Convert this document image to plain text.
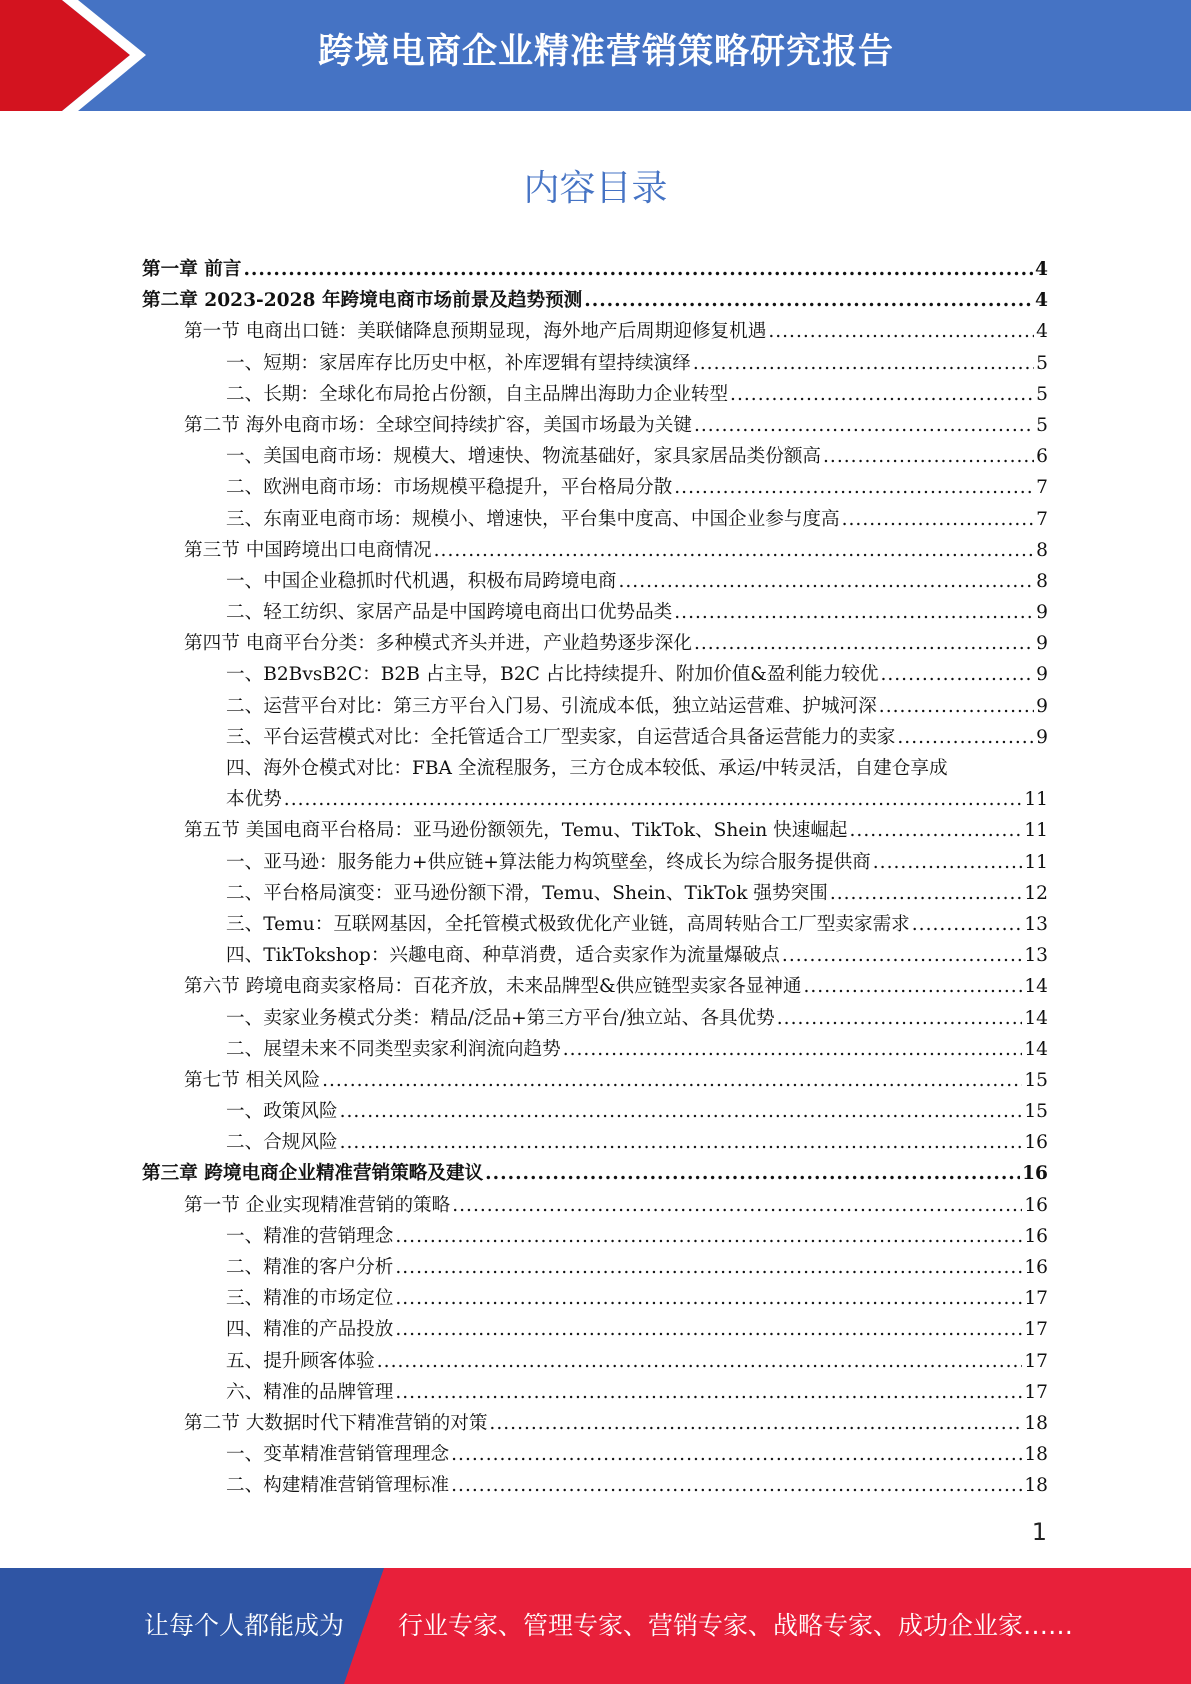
跨境电商企业精准营销策略研究报告
内容目录
第一章 前言 .....	4
第二章 2023-2028 年跨境电商市场前景及趋势预测 .....	4
第一节 电商出口链：美联储降息预期显现，海外地产后周期迎修复机遇 .....	4
一、短期：家居库存比历史中枢，补库逻辑有望持续演绎 .....	5
二、长期：全球化布局抢占份额，自主品牌出海助力企业转型 .....	5
第二节 海外电商市场：全球空间持续扩容，美国市场最为关键 .....	5
一、美国电商市场：规模大、增速快、物流基础好，家具家居品类份额高 .....	6
二、欧洲电商市场：市场规模平稳提升，平台格局分散 .....	7
三、东南亚电商市场：规模小、增速快，平台集中度高、中国企业参与度高 .....	7
第三节 中国跨境出口电商情况 .....	8
一、中国企业稳抓时代机遇，积极布局跨境电商 .....	8
二、轻工纺织、家居产品是中国跨境电商出口优势品类 .....	9
第四节 电商平台分类：多种模式齐头并进，产业趋势逐步深化 .....	9
一、B2BvsB2C：B2B 占主导，B2C 占比持续提升、附加价值&盈利能力较优 .....	9
二、运营平台对比：第三方平台入门易、引流成本低，独立站运营难、护城河深 .....	9
三、平台运营模式对比：全托管适合工厂型卖家，自运营适合具备运营能力的卖家 .....	9
四、海外仓模式对比：FBA 全流程服务，三方仓成本较低、承运/中转灵活，自建仓享成
本优势 .....	11
第五节 美国电商平台格局：亚马逊份额领先，Temu、TikTok、Shein 快速崛起 .....	11
一、亚马逊：服务能力+供应链+算法能力构筑壁垒，终成长为综合服务提供商 .....	11
二、平台格局演变：亚马逊份额下滑，Temu、Shein、TikTok 强势突围 .....	12
三、Temu：互联网基因，全托管模式极致优化产业链，高周转贴合工厂型卖家需求 .....	13
四、TikTokshop：兴趣电商、种草消费，适合卖家作为流量爆破点 .....	13
第六节 跨境电商卖家格局：百花齐放，未来品牌型&供应链型卖家各显神通 .....	14
一、卖家业务模式分类：精品/泛品+第三方平台/独立站、各具优势 .....	14
二、展望未来不同类型卖家利润流向趋势 .....	14
第七节 相关风险 .....	15
一、政策风险 .....	15
二、合规风险 .....	16
第三章 跨境电商企业精准营销策略及建议 .....	16
第一节 企业实现精准营销的策略 .....	16
一、精准的营销理念 .....	16
二、精准的客户分析 .....	16
三、精准的市场定位 .....	17
四、精准的产品投放 .....	17
五、提升顾客体验 .....	17
六、精准的品牌管理 .....	17
第二节 大数据时代下精准营销的对策 .....	18
一、变革精准营销管理理念 .....	18
二、构建精准营销管理标准 .....	18
1
让每个人都能成为 行业专家、管理专家、营销专家、战略专家、成功企业家……
